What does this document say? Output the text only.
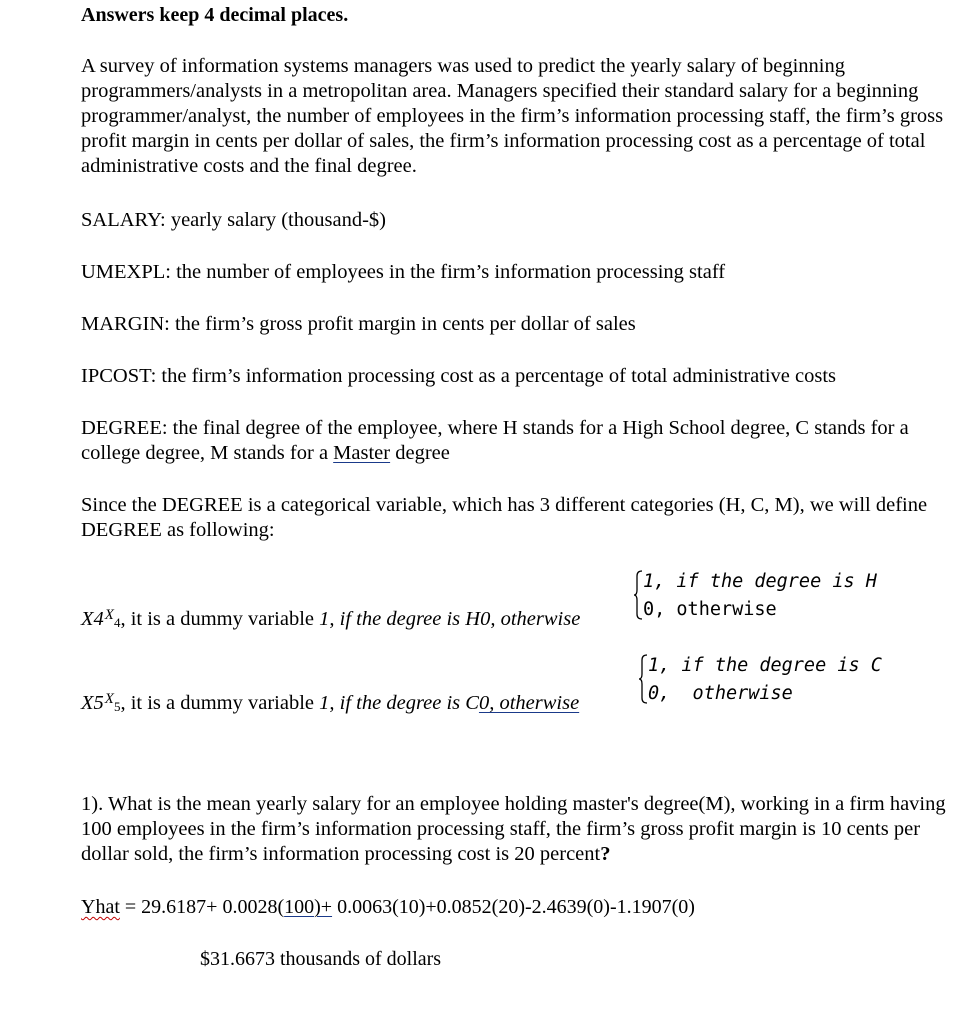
Answers keep 4 decimal places.

A survey of information systems managers was used to predict the yearly salary of beginning programmers/analysts in a metropolitan area. Managers specified their standard salary for a beginning programmer/analyst, the number of employees in the firm’s information processing staff, the firm’s gross profit margin in cents per dollar of sales, the firm’s information processing cost as a percentage of total administrative costs and the final degree.

SALARY: yearly salary (thousand-$)

UMEXPL: the number of employees in the firm’s information processing staff

MARGIN: the firm’s gross profit margin in cents per dollar of sales

IPCOST: the firm’s information processing cost as a percentage of total administrative costs

DEGREE: the final degree of the employee, where H stands for a High School degree, C stands for a college degree, M stands for a Master degree

Since the DEGREE is a categorical variable, which has 3 different categories (H, C, M), we will define DEGREE as following:

$X4^X4$, it is a dummy variable 1, if the degree is H0, otherwise
1, if the degree is H
0, otherwise
$X5^X5$, it is a dummy variable 1, if the degree is C0, otherwise
1, if the degree is C
0,  otherwise

1). What is the mean yearly salary for an employee holding master's degree(M), working in a firm having 100 employees in the firm’s information processing staff, the firm’s gross profit margin is 10 cents per dollar sold, the firm’s information processing cost is 20 percent?

Yhat = 29.6187+ 0.0028(100)+ 0.0063(10)+0.0852(20)-2.4639(0)-1.1907(0)
$31.6673 thousands of dollars
